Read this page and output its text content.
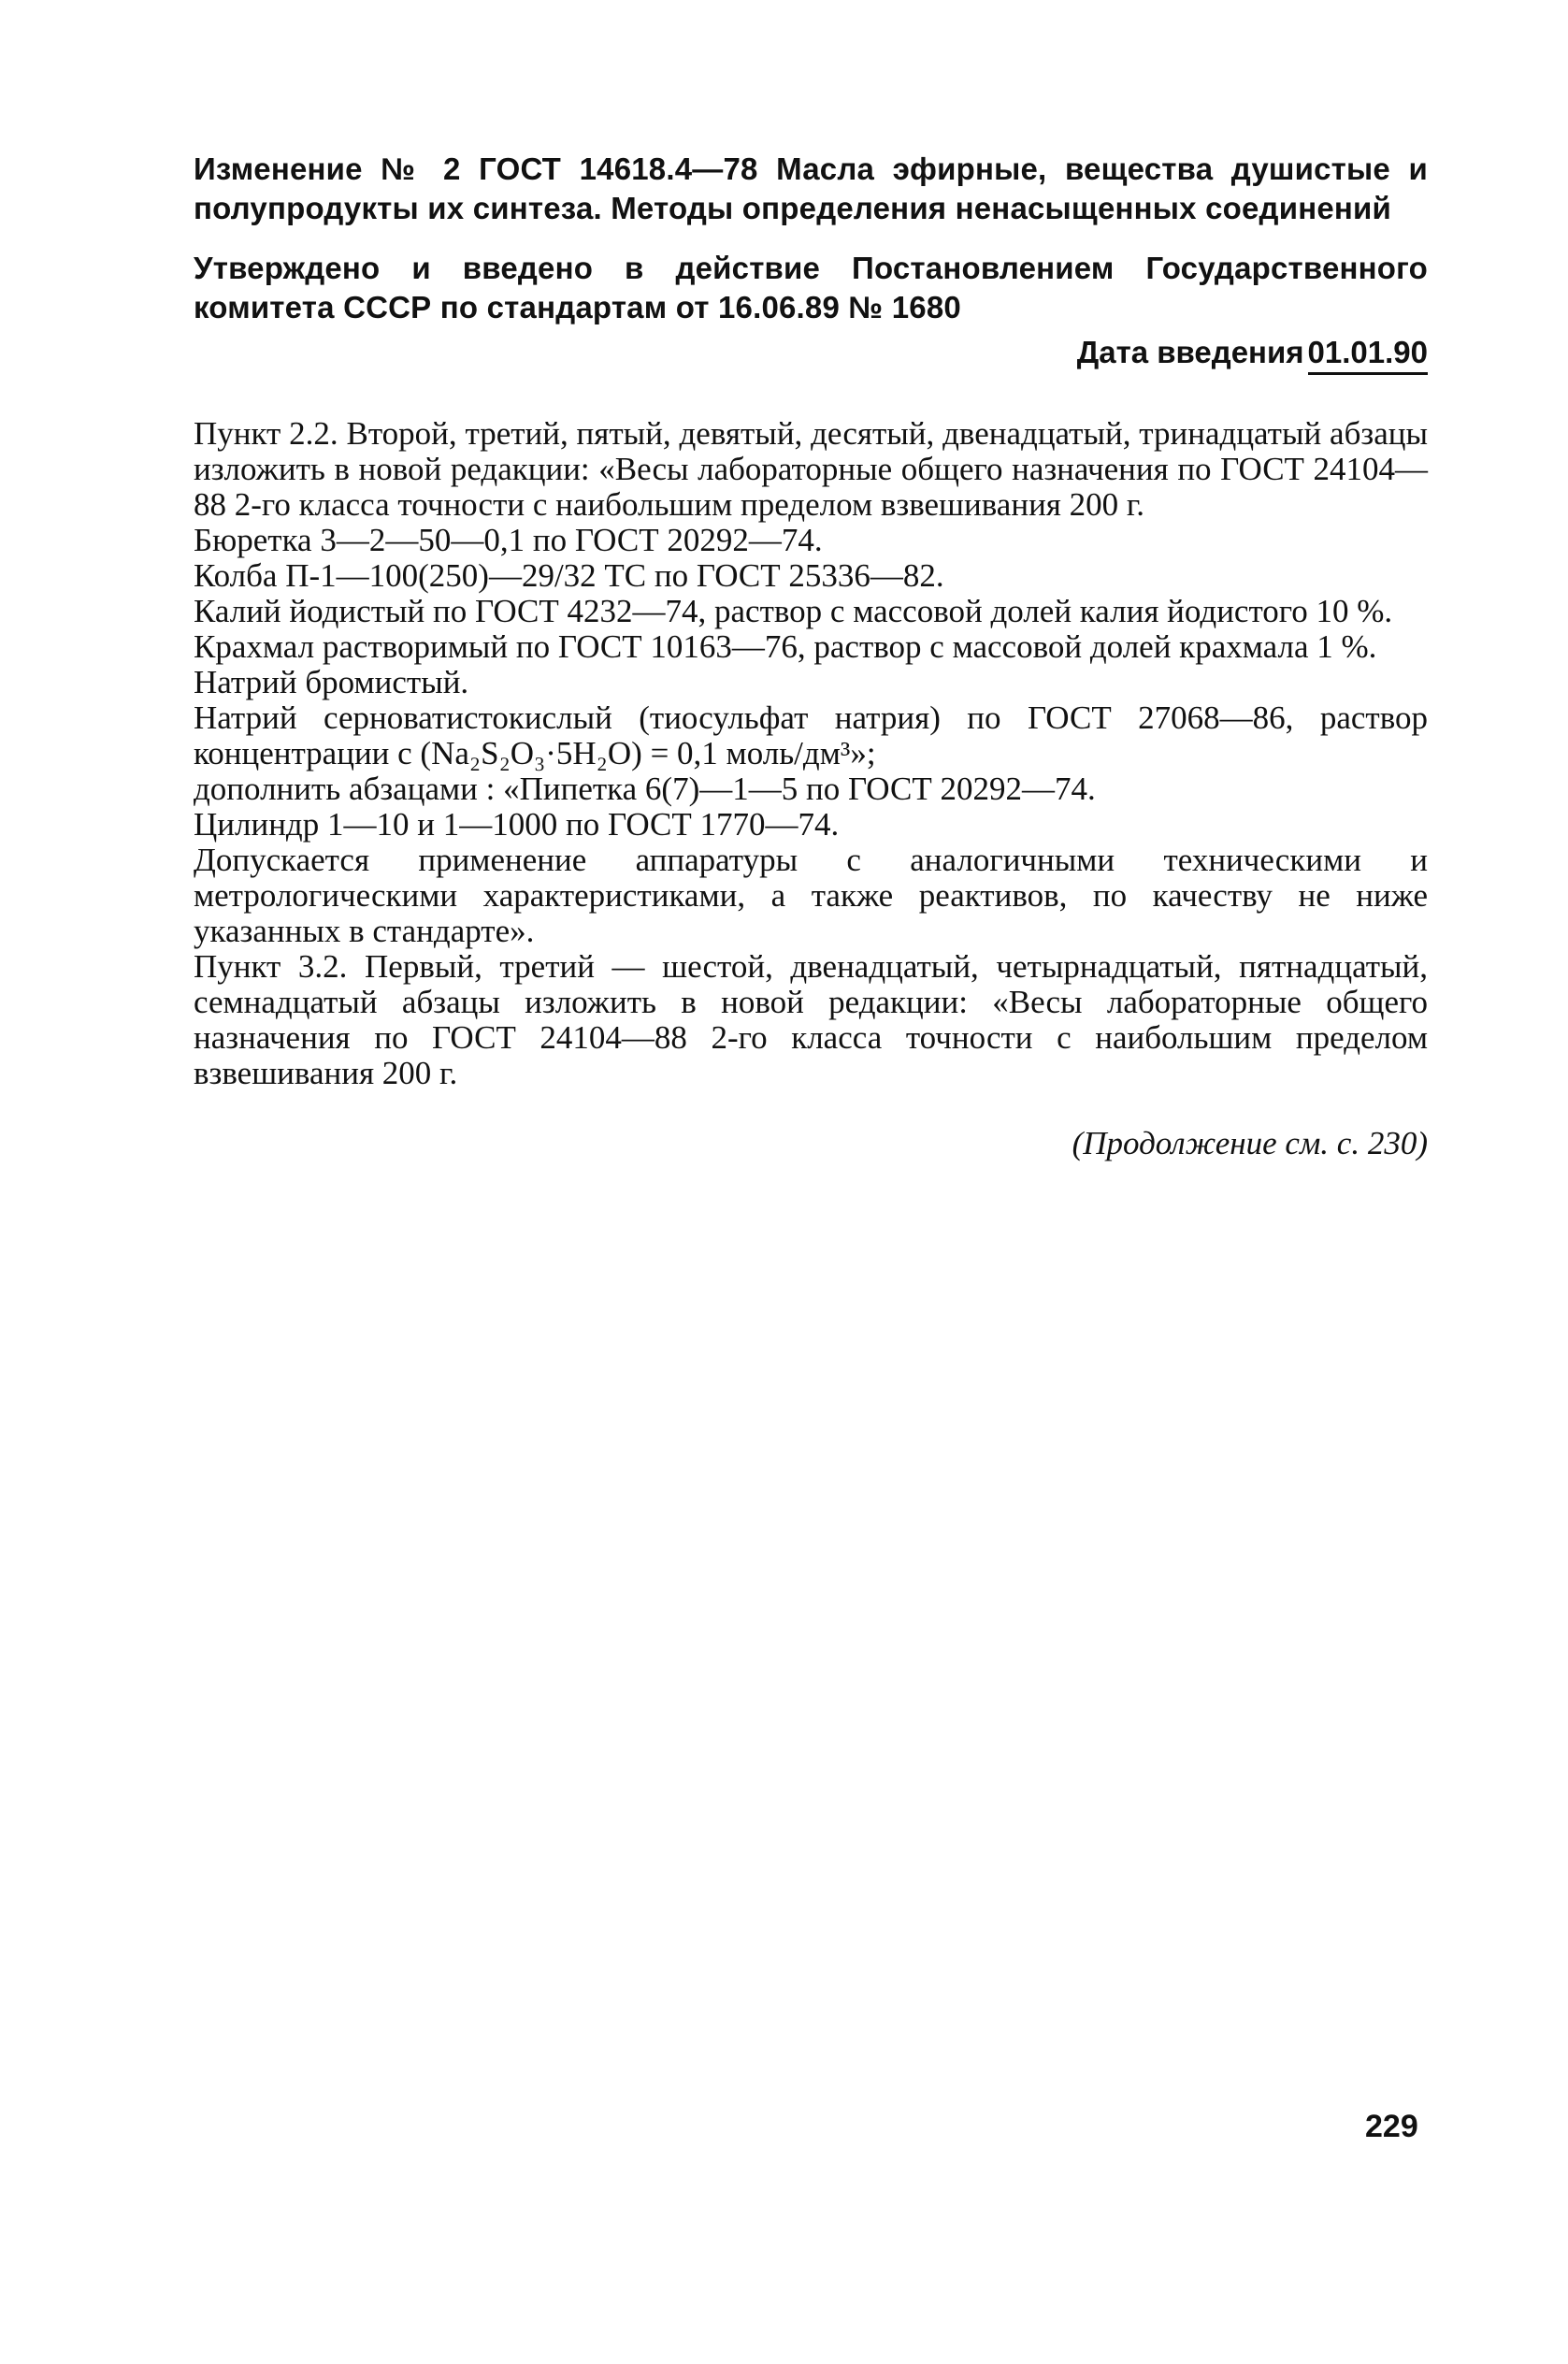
Изменение № 2 ГОСТ 14618.4—78 Масла эфирные, вещества душистые и полупродукты их синтеза. Методы определения ненасыщенных соединений
Утверждено и введено в действие Постановлением Государственного комитета СССР по стандартам от 16.06.89 № 1680
Дата введения 01.01.90

Пункт 2.2. Второй, третий, пятый, девятый, десятый, двенадцатый, тринадцатый абзацы изложить в новой редакции: «Весы лабораторные общего назначения по ГОСТ 24104—88 2-го класса точности с наибольшим пределом взвешивания 200 г.

Бюретка 3—2—50—0,1 по ГОСТ 20292—74.

Колба П-1—100(250)—29/32 ТС по ГОСТ 25336—82.

Калий йодистый по ГОСТ 4232—74, раствор с массовой долей калия йодистого 10 %.

Крахмал растворимый по ГОСТ 10163—76, раствор с массовой долей крахмала 1 %.

Натрий бромистый.

Натрий серноватистокислый (тиосульфат натрия) по ГОСТ 27068—86, раствор концентрации c (Na₂S₂O₃·5H₂O) = 0,1 моль/дм³»;

дополнить абзацами : «Пипетка 6(7)—1—5 по ГОСТ 20292—74.

Цилиндр 1—10 и 1—1000 по ГОСТ 1770—74.

Допускается применение аппаратуры с аналогичными техническими и метрологическими характеристиками, а также реактивов, по качеству не ниже указанных в стандарте».

Пункт 3.2. Первый, третий — шестой, двенадцатый, четырнадцатый, пятнадцатый, семнадцатый абзацы изложить в новой редакции: «Весы лабораторные общего назначения по ГОСТ 24104—88 2-го класса точности с наибольшим пределом взвешивания 200 г.

(Продолжение см. с. 230)
229
